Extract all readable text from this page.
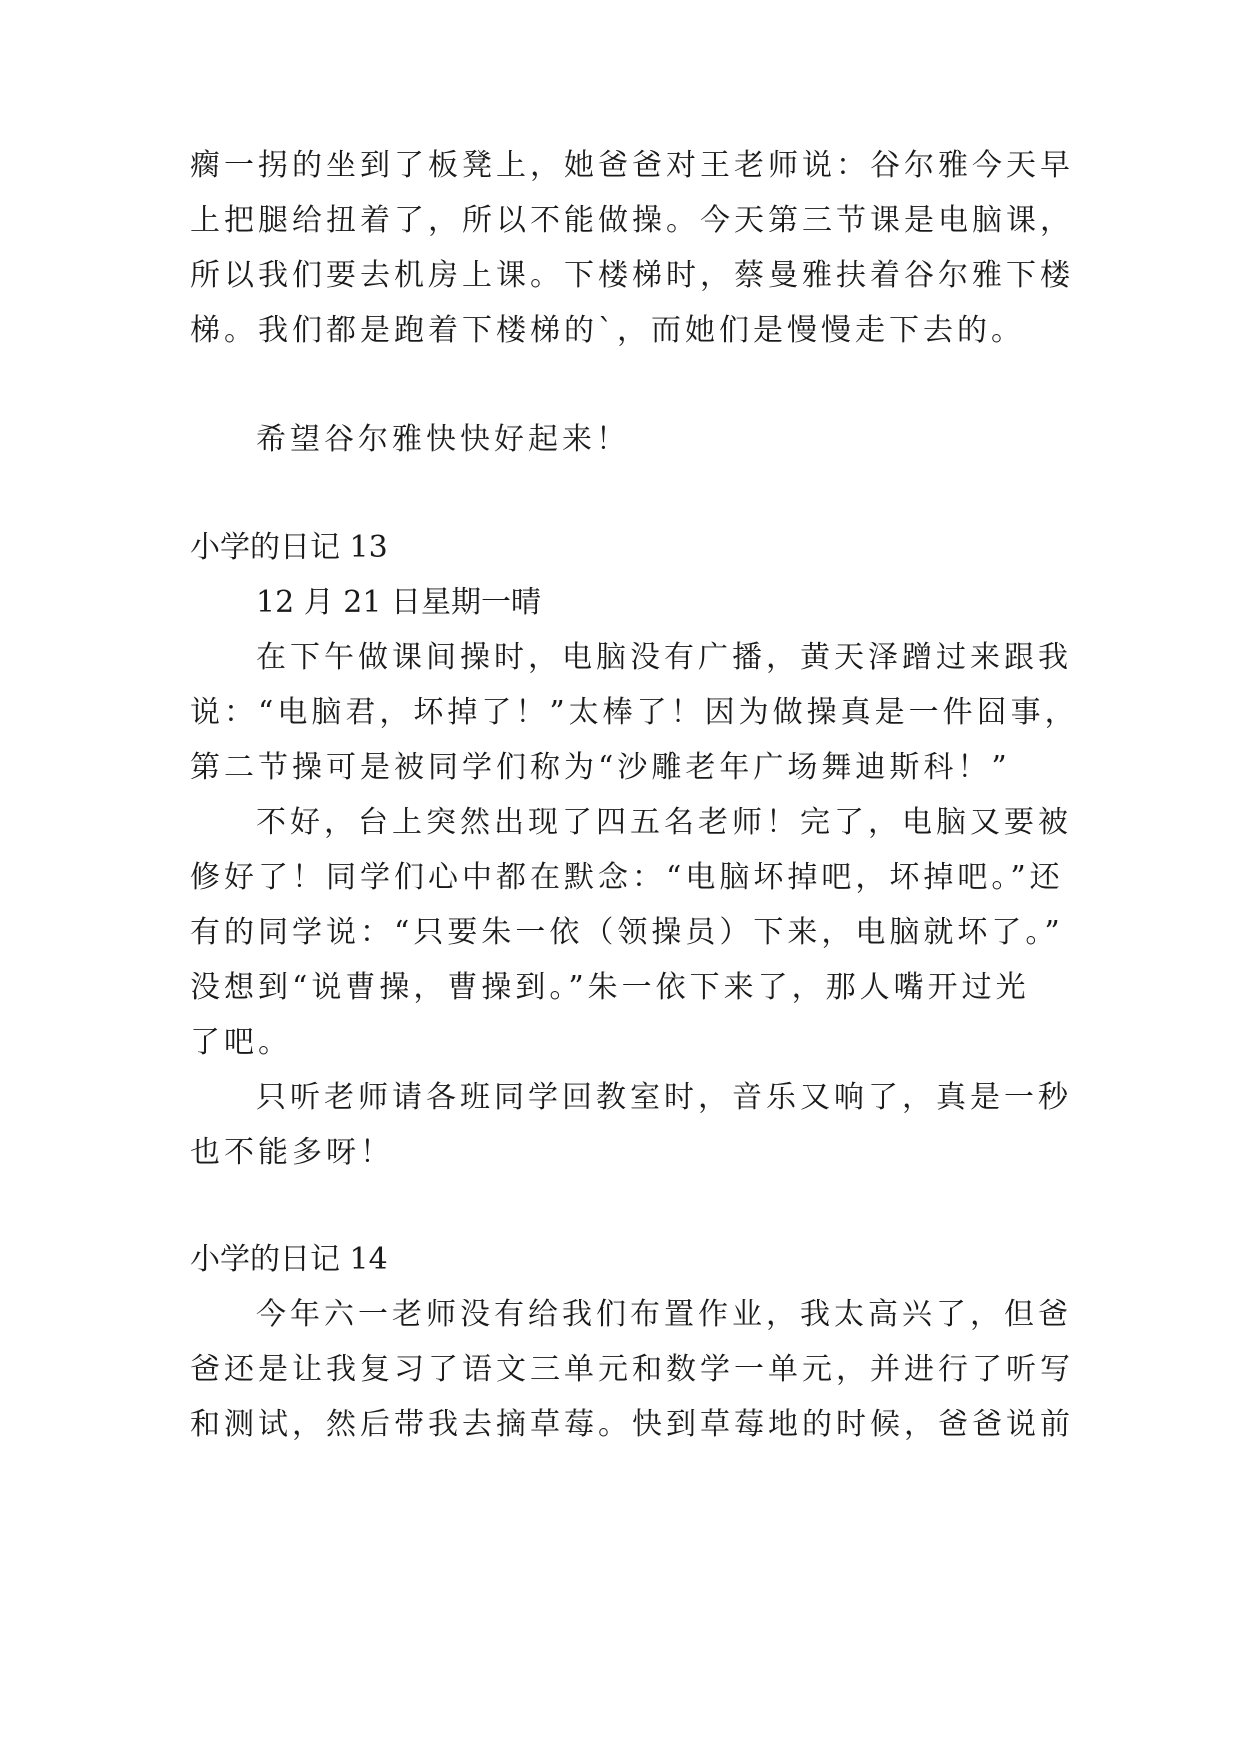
瘸一拐的坐到了板凳上，她爸爸对王老师说：谷尔雅今天早
上把腿给扭着了，所以不能做操。今天第三节课是电脑课，
所以我们要去机房上课。下楼梯时，蔡曼雅扶着谷尔雅下楼
梯。我们都是跑着下楼梯的`，而她们是慢慢走下去的。
希望谷尔雅快快好起来！
小学的日记 13
12 月 21 日星期一晴
在下午做课间操时，电脑没有广播，黄天泽蹭过来跟我
说：“电脑君，坏掉了！”太棒了！因为做操真是一件囧事，
第二节操可是被同学们称为“沙雕老年广场舞迪斯科！”
不好，台上突然出现了四五名老师！完了，电脑又要被
修好了！同学们心中都在默念：“电脑坏掉吧，坏掉吧。”还
有的同学说：“只要朱一依（领操员）下来，电脑就坏了。”
没想到“说曹操，曹操到。”朱一依下来了，那人嘴开过光
了吧。
只听老师请各班同学回教室时，音乐又响了，真是一秒
也不能多呀！
小学的日记 14
今年六一老师没有给我们布置作业，我太高兴了，但爸
爸还是让我复习了语文三单元和数学一单元，并进行了听写
和测试，然后带我去摘草莓。快到草莓地的时候，爸爸说前
